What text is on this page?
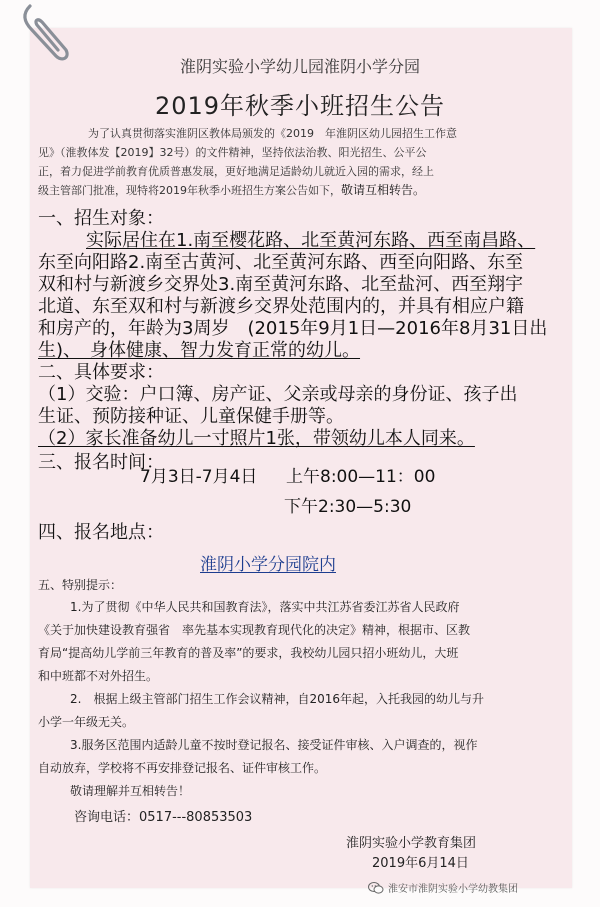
淮阴实验小学幼儿园淮阴小学分园
2019年秋季小班招生公告

为了认真贯彻落实淮阴区教体局颁发的《2019　年淮阴区幼儿园招生工作意

见》（淮教体发【2019】32号）的文件精神，坚持依法治教、阳光招生、公平公

正，着力促进学前教育优质普惠发展，更好地满足适龄幼儿就近入园的需求，经上

级主管部门批准，现特将2019年秋季小班招生方案公告如下，敬请互相转告。

一、招生对象：
实际居住在1.南至樱花路、北至黄河东路、西至南昌路、
东至向阳路2.南至古黄河、北至黄河东路、西至向阳路、东至
双和村与新渡乡交界处3.南至黄河东路、北至盐河、西至翔宇
北道、东至双和村与新渡乡交界处范围内的，并具有相应户籍
和房产的，年龄为3周岁　(2015年9月1日—2016年8月31日出
生)、　身体健康、智力发育正常的幼儿。
二、具体要求：
（1）交验：户口簿、房产证、父亲或母亲的身份证、孩子出
生证、预防接种证、儿童保健手册等。
（2）家长准备幼儿一寸照片1张，带领幼儿本人同来。
三、报名时间：
7月3日-7月4日 上午8:00—11：00
下午2:30—5:30
四、报名地点：
淮阴小学分园院内
五、特别提示：
1.为了贯彻《中华人民共和国教育法》，落实中共江苏省委江苏省人民政府
《关于加快建设教育强省　率先基本实现教育现代化的决定》精神，根据市、区教
育局“提高幼儿学前三年教育的普及率”的要求，我校幼儿园只招小班幼儿，大班
和中班都不对外招生。
2.　根据上级主管部门招生工作会议精神，自2016年起，入托我园的幼儿与升
小学一年级无关。
3.服务区范围内适龄儿童不按时登记报名、接受证件审核、入户调查的，视作
自动放弃，学校将不再安排登记报名、证件审核工作。
敬请理解并互相转告！
咨询电话：0517---80853503
淮阴实验小学教育集团
2019年6月14日
淮安市淮阴实验小学幼教集团
